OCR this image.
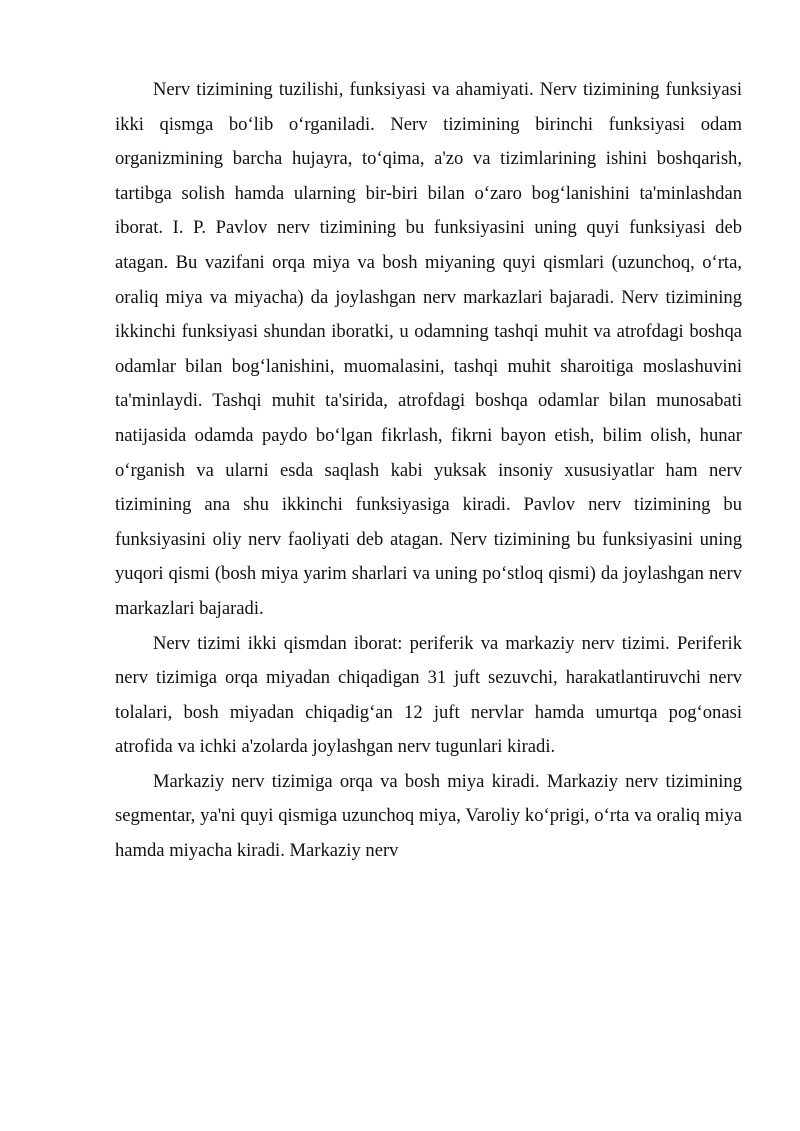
Nerv tizimining tuzilishi, funksiyasi va ahamiyati. Nerv tizimining funksiyasi ikki qismga bo‘lib o‘rganiladi. Nerv tizimining birinchi funksiyasi odam organizmining barcha hujayra, to‘qima, a'zo va tizimlarining ishini boshqarish, tartibga solish hamda ularning bir-biri bilan o‘zaro bog‘lanishini ta'minlashdan iborat. I. P. Pavlov nerv tizimining bu funksiyasini uning quyi funksiyasi deb atagan. Bu vazifani orqa miya va bosh miyaning quyi qismlari (uzunchoq, o‘rta, oraliq miya va miyacha) da joylashgan nerv markazlari bajaradi. Nerv tizimining ikkinchi funksiyasi shundan iboratki, u odamning tashqi muhit va atrofdagi boshqa odamlar bilan bog‘lanishini, muomalasini, tashqi muhit sharoitiga moslashuvini ta'minlaydi. Tashqi muhit ta'sirida, atrofdagi boshqa odamlar bilan munosabati natijasida odamda paydo bo‘lgan fikrlash, fikrni bayon etish, bilim olish, hunar o‘rganish va ularni esda saqlash kabi yuksak insoniy xususiyatlar ham nerv tizimining ana shu ikkinchi funksiyasiga kiradi. Pavlov nerv tizimining bu funksiyasini oliy nerv faoliyati deb atagan. Nerv tizimining bu funksiyasini uning yuqori qismi (bosh miya yarim sharlari va uning po‘stloq qismi) da joylashgan nerv markazlari bajaradi.

Nerv tizimi ikki qismdan iborat: periferik va markaziy nerv tizimi. Periferik nerv tizimiga orqa miyadan chiqadigan 31 juft sezuvchi, harakatlantiruvchi nerv tolalari, bosh miyadan chiqadig‘an 12 juft nervlar hamda umurtqa pog‘onasi atrofida va ichki a'zolarda joylashgan nerv tugunlari kiradi.

Markaziy nerv tizimiga orqa va bosh miya kiradi. Markaziy nerv tizimining segmentar, ya'ni quyi qismiga uzunchoq miya, Varoliy ko‘prigi, o‘rta va oraliq miya hamda miyacha kiradi. Markaziy nerv
